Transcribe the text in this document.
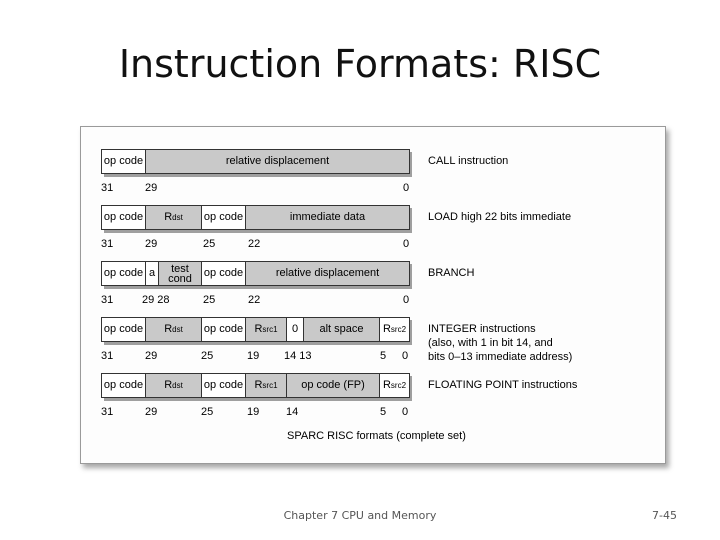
Instruction Formats: RISC
op code	relative displacement
31	29	0
CALL instruction
op code R dst op code	immediate data
31	29	25	22	0
LOAD high 22 bits immediate
op code a test
cond op code	relative displacement
31	29 28	25	22	0
BRANCH
op code R dst op code R src1 0 alt space R src2
31	29	25	19 14 13	5 0
INTEGER instructions
(also, with 1 in bit 14, and
bits 0–13 immediate address)
op code R dst op code R src1 op code (FP) R src2
31	29	25	19 14	5 0
FLOATING POINT instructions
SPARC RISC formats (complete set)
Chapter 7 CPU and Memory	7-45
